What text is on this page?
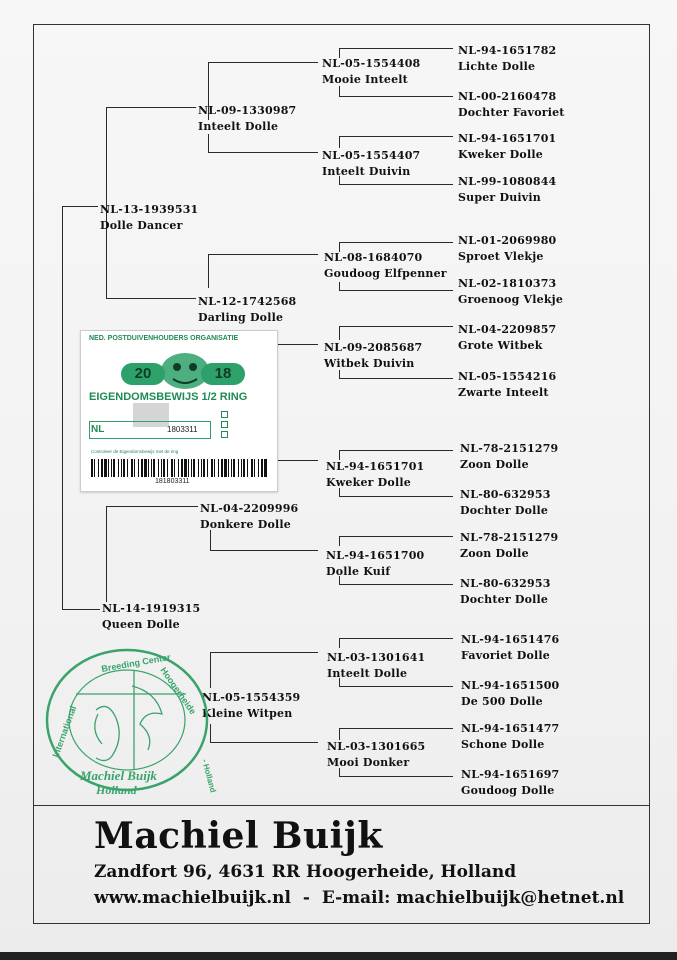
NL-13-1939531
Dolle Dancer
NL-14-1919315
Queen Dolle
NL-09-1330987
Inteelt Dolle
NL-12-1742568
Darling Dolle
NL-04-2209996
Donkere Dolle
NL-05-1554359
Kleine Witpen
NL-05-1554408
Mooie Inteelt
NL-05-1554407
Inteelt Duivin
NL-08-1684070
Goudoog Elfpenner
NL-09-2085687
Witbek Duivin
NL-94-1651701
Kweker Dolle
NL-94-1651700
Dolle Kuif
NL-03-1301641
Inteelt Dolle
NL-03-1301665
Mooi Donker
NL-94-1651782
Lichte Dolle
NL-00-2160478
Dochter Favoriet
NL-94-1651701
Kweker Dolle
NL-99-1080844
Super Duivin
NL-01-2069980
Sproet Vlekje
NL-02-1810373
Groenoog Vlekje
NL-04-2209857
Grote Witbek
NL-05-1554216
Zwarte Inteelt
NL-78-2151279
Zoon Dolle
NL-80-632953
Dochter Dolle
NL-78-2151279
Zoon Dolle
NL-80-632953
Dochter Dolle
NL-94-1651476
Favoriet Dolle
NL-94-1651500
De 500 Dolle
NL-94-1651477
Schone Dolle
NL-94-1651697
Goudoog Dolle
NED. POSTDUIVENHOUDERS ORGANISATIE
20	18
EIGENDOMSBEWIJS 1/2 RING
NL	1803311
Controleer de Eigendomsbewijs met de ring
181803311
International
Breeding Center
Hoogerheide
- Holland
Machiel Buijk
Holland
Machiel Buijk
Zandfort 96, 4631 RR Hoogerheide, Holland
www.machielbuijk.nl - E-mail: machielbuijk@hetnet.nl
